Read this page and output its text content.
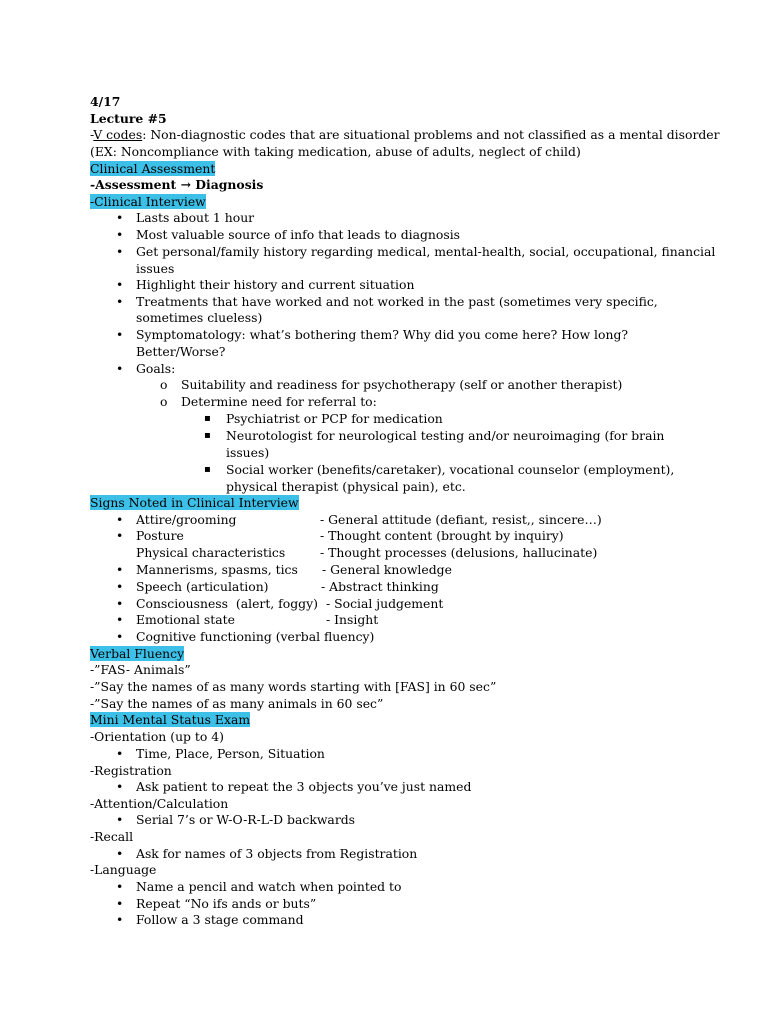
4/17
Lecture #5
-V codes: Non-diagnostic codes that are situational problems and not classified as a mental disorder
(EX: Noncompliance with taking medication, abuse of adults, neglect of child)
Clinical Assessment
-Assessment → Diagnosis
-Clinical Interview
• Lasts about 1 hour
• Most valuable source of info that leads to diagnosis
• Get personal/family history regarding medical, mental-health, social, occupational, financial
issues
• Highlight their history and current situation
• Treatments that have worked and not worked in the past (sometimes very specific,
sometimes clueless)
• Symptomatology: what’s bothering them? Why did you come here? How long?
Better/Worse?
• Goals:
o Suitability and readiness for psychotherapy (self or another therapist)
o Determine need for referral to:
▪ Psychiatrist or PCP for medication
▪ Neurotologist for neurological testing and/or neuroimaging (for brain
issues)
▪ Social worker (benefits/caretaker), vocational counselor (employment),
physical therapist (physical pain), etc.
Signs Noted in Clinical Interview
• Attire/grooming	- General attitude (defiant, resist,, sincere…)
• Posture	- Thought content (brought by inquiry)
Physical characteristics	- Thought processes (delusions, hallucinate)
• Mannerisms, spasms, tics - General knowledge
• Speech (articulation)	- Abstract thinking
• Consciousness  (alert, foggy) - Social judgement
• Emotional state	- Insight
• Cognitive functioning (verbal fluency)
Verbal Fluency
-”FAS- Animals”
-”Say the names of as many words starting with [FAS] in 60 sec”
-”Say the names of as many animals in 60 sec”
Mini Mental Status Exam
-Orientation (up to 4)
• Time, Place, Person, Situation
-Registration
• Ask patient to repeat the 3 objects you’ve just named
-Attention/Calculation
• Serial 7’s or W-O-R-L-D backwards
-Recall
• Ask for names of 3 objects from Registration
-Language
• Name a pencil and watch when pointed to
• Repeat “No ifs ands or buts”
• Follow a 3 stage command
